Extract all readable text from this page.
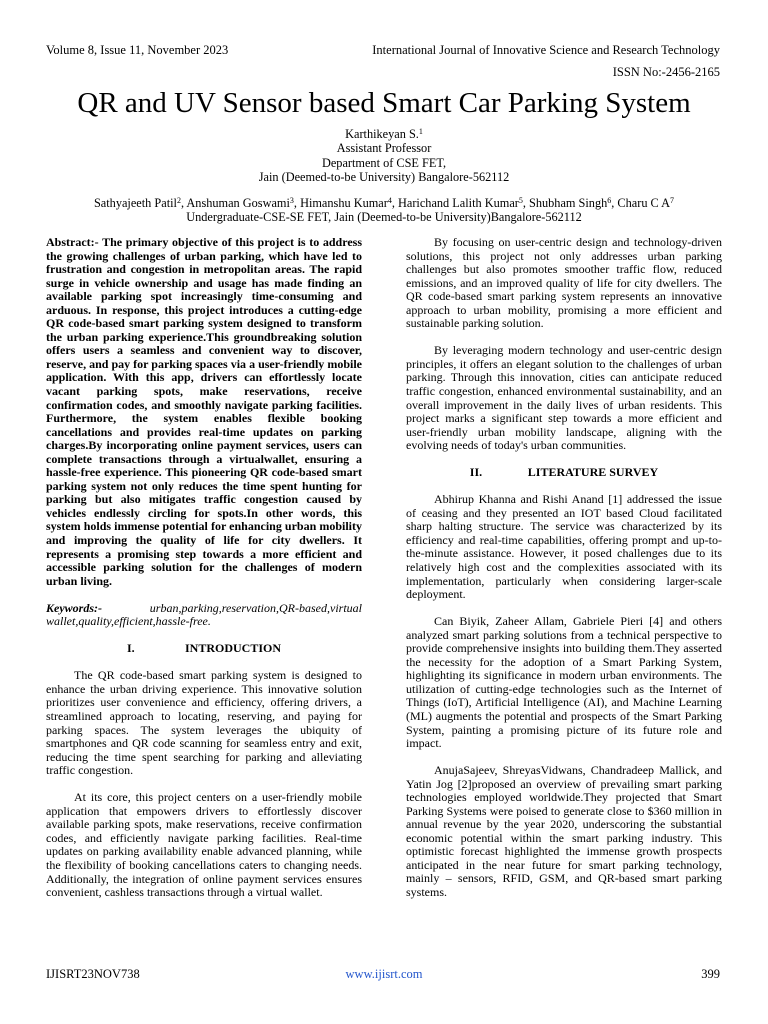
Volume 8, Issue 11, November 2023	International Journal of Innovative Science and Research Technology
ISSN No:-2456-2165
QR and UV Sensor based Smart Car Parking System
Karthikeyan S.$^1$
Assistant Professor
Department of CSE FET,
Jain (Deemed-to-be University) Bangalore-562112
Sathyajeeth Patil$^2$, Anshuman Goswami$^3$, Himanshu Kumar$^4$, Harichand Lalith Kumar$^5$, Shubham Singh$^6$, Charu C $A^7$
Undergraduate-CSE-SE FET, Jain (Deemed-to-be University)Bangalore-562112

Abstract:- The primary objective of this project is to address the growing challenges of urban parking, which have led to frustration and congestion in metropolitan areas. The rapid surge in vehicle ownership and usage has made finding an available parking spot increasingly time-consuming and arduous. In response, this project introduces a cutting-edge QR code-based smart parking system designed to transform the urban parking experience.This groundbreaking solution offers users a seamless and convenient way to discover, reserve, and pay for parking spaces via a user-friendly mobile application. With this app, drivers can effortlessly locate vacant parking spots, make reservations, receive confirmation codes, and smoothly navigate parking facilities. Furthermore, the system enables flexible booking cancellations and provides real-time updates on parking charges.By incorporating online payment services, users can complete transactions through a virtualwallet, ensuring a hassle-free experience. This pioneering QR code-based smart parking system not only reduces the time spent hunting for parking but also mitigates traffic congestion caused by vehicles endlessly circling for spots.In other words, this system holds immense potential for enhancing urban mobility and improving the quality of life for city dwellers. It represents a promising step towards a more efficient and accessible parking solution for the challenges of modern urban living.

Keywords:-	urban,parking,reservation,QR-based,virtual wallet,quality,efficient,hassle-free.

I.	INTRODUCTION

The QR code-based smart parking system is designed to enhance the urban driving experience. This innovative solution prioritizes user convenience and efficiency, offering drivers, a streamlined approach to locating, reserving, and paying for parking spaces. The system leverages the ubiquity of smartphones and QR code scanning for seamless entry and exit, reducing the time spent searching for parking and alleviating traffic congestion.

At its core, this project centers on a user-friendly mobile application that empowers drivers to effortlessly discover available parking spots, make reservations, receive confirmation codes, and efficiently navigate parking facilities. Real-time updates on parking availability enable advanced planning, while the flexibility of booking cancellations caters to changing needs. Additionally, the integration of online payment services ensures convenient, cashless transactions through a virtual wallet.

By focusing on user-centric design and technology-driven solutions, this project not only addresses urban parking challenges but also promotes smoother traffic flow, reduced emissions, and an improved quality of life for city dwellers. The QR code-based smart parking system represents an innovative approach to urban mobility, promising a more efficient and sustainable parking solution.

By leveraging modern technology and user-centric design principles, it offers an elegant solution to the challenges of urban parking. Through this innovation, cities can anticipate reduced traffic congestion, enhanced environmental sustainability, and an overall improvement in the daily lives of urban residents. This project marks a significant step towards a more efficient and user-friendly urban mobility landscape, aligning with the evolving needs of today's urban communities.

II.	LITERATURE SURVEY

Abhirup Khanna and Rishi Anand [1] addressed the issue of ceasing and they presented an IOT based Cloud facilitated sharp halting structure. The service was characterized by its efficiency and real-time capabilities, offering prompt and up-to-the-minute assistance. However, it posed challenges due to its relatively high cost and the complexities associated with its implementation, particularly when considering larger-scale deployment.

Can Biyik, Zaheer Allam, Gabriele Pieri [4] and others analyzed smart parking solutions from a technical perspective to provide comprehensive insights into building them.They asserted the necessity for the adoption of a Smart Parking System, highlighting its significance in modern urban environments. The utilization of cutting-edge technologies such as the Internet of Things (IoT), Artificial Intelligence (AI), and Machine Learning (ML) augments the potential and prospects of the Smart Parking System, painting a promising picture of its future role and impact.

AnujaSajeev, ShreyasVidwans, Chandradeep Mallick, and Yatin Jog [2]proposed an overview of prevailing smart parking technologies employed worldwide.They projected that Smart Parking Systems were poised to generate close to $360 million in annual revenue by the year 2020, underscoring the substantial economic potential within the smart parking industry. This optimistic forecast highlighted the immense growth prospects anticipated in the near future for smart parking technology, mainly – sensors, RFID, GSM, and QR-based smart parking systems.

IJISRT23NOV738	www.ijisrt.com	399
